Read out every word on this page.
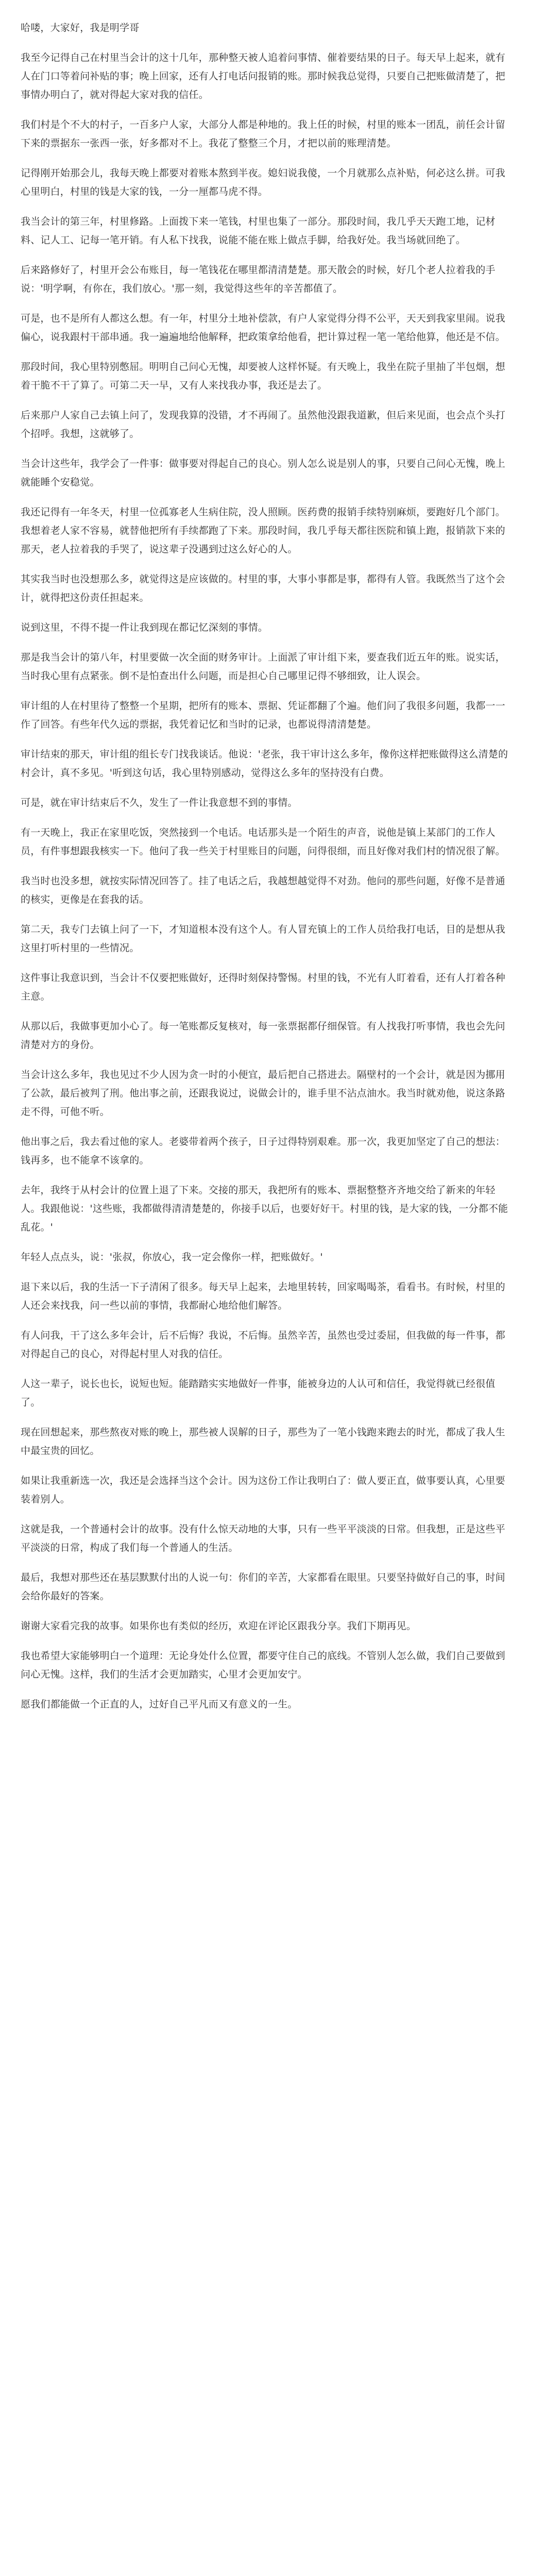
哈喽，大家好，我是明学哥

我至今记得自己在村里当会计的这十几年，那种整天被人追着问事情、催着要结果的日子。每天早上起来，就有人在门口等着问补贴的事；晚上回家，还有人打电话问报销的账。那时候我总觉得，只要自己把账做清楚了，把事情办明白了，就对得起大家对我的信任。

我们村是个不大的村子，一百多户人家，大部分人都是种地的。我上任的时候，村里的账本一团乱，前任会计留下来的票据东一张西一张，好多都对不上。我花了整整三个月，才把以前的账理清楚。

记得刚开始那会儿，我每天晚上都要对着账本熬到半夜。媳妇说我傻，一个月就那么点补贴，何必这么拼。可我心里明白，村里的钱是大家的钱，一分一厘都马虎不得。

我当会计的第三年，村里修路。上面拨下来一笔钱，村里也集了一部分。那段时间，我几乎天天跑工地，记材料、记人工、记每一笔开销。有人私下找我，说能不能在账上做点手脚，给我好处。我当场就回绝了。

后来路修好了，村里开会公布账目，每一笔钱花在哪里都清清楚楚。那天散会的时候，好几个老人拉着我的手说：'明学啊，有你在，我们放心。'那一刻，我觉得这些年的辛苦都值了。

可是，也不是所有人都这么想。有一年，村里分土地补偿款，有户人家觉得分得不公平，天天到我家里闹。说我偏心，说我跟村干部串通。我一遍遍地给他解释，把政策拿给他看，把计算过程一笔一笔给他算，他还是不信。

那段时间，我心里特别憋屈。明明自己问心无愧，却要被人这样怀疑。有天晚上，我坐在院子里抽了半包烟，想着干脆不干了算了。可第二天一早，又有人来找我办事，我还是去了。

后来那户人家自己去镇上问了，发现我算的没错，才不再闹了。虽然他没跟我道歉，但后来见面，也会点个头打个招呼。我想，这就够了。

当会计这些年，我学会了一件事：做事要对得起自己的良心。别人怎么说是别人的事，只要自己问心无愧，晚上就能睡个安稳觉。

我还记得有一年冬天，村里一位孤寡老人生病住院，没人照顾。医药费的报销手续特别麻烦，要跑好几个部门。我想着老人家不容易，就替他把所有手续都跑了下来。那段时间，我几乎每天都往医院和镇上跑，报销款下来的那天，老人拉着我的手哭了，说这辈子没遇到过这么好心的人。

其实我当时也没想那么多，就觉得这是应该做的。村里的事，大事小事都是事，都得有人管。我既然当了这个会计，就得把这份责任担起来。

说到这里，不得不提一件让我到现在都记忆深刻的事情。

那是我当会计的第八年，村里要做一次全面的财务审计。上面派了审计组下来，要查我们近五年的账。说实话，当时我心里有点紧张。倒不是怕查出什么问题，而是担心自己哪里记得不够细致，让人误会。

审计组的人在村里待了整整一个星期，把所有的账本、票据、凭证都翻了个遍。他们问了我很多问题，我都一一作了回答。有些年代久远的票据，我凭着记忆和当时的记录，也都说得清清楚楚。

审计结束的那天，审计组的组长专门找我谈话。他说：'老张，我干审计这么多年，像你这样把账做得这么清楚的村会计，真不多见。'听到这句话，我心里特别感动，觉得这么多年的坚持没有白费。

可是，就在审计结束后不久，发生了一件让我意想不到的事情。

有一天晚上，我正在家里吃饭，突然接到一个电话。电话那头是一个陌生的声音，说他是镇上某部门的工作人员，有件事想跟我核实一下。他问了我一些关于村里账目的问题，问得很细，而且好像对我们村的情况很了解。

我当时也没多想，就按实际情况回答了。挂了电话之后，我越想越觉得不对劲。他问的那些问题，好像不是普通的核实，更像是在套我的话。

第二天，我专门去镇上问了一下，才知道根本没有这个人。有人冒充镇上的工作人员给我打电话，目的是想从我这里打听村里的一些情况。

这件事让我意识到，当会计不仅要把账做好，还得时刻保持警惕。村里的钱，不光有人盯着看，还有人打着各种主意。

从那以后，我做事更加小心了。每一笔账都反复核对，每一张票据都仔细保管。有人找我打听事情，我也会先问清楚对方的身份。

当会计这么多年，我也见过不少人因为贪一时的小便宜，最后把自己搭进去。隔壁村的一个会计，就是因为挪用了公款，最后被判了刑。他出事之前，还跟我说过，说做会计的，谁手里不沾点油水。我当时就劝他，说这条路走不得，可他不听。

他出事之后，我去看过他的家人。老婆带着两个孩子，日子过得特别艰难。那一次，我更加坚定了自己的想法：钱再多，也不能拿不该拿的。

去年，我终于从村会计的位置上退了下来。交接的那天，我把所有的账本、票据整整齐齐地交给了新来的年轻人。我跟他说：'这些账，我都做得清清楚楚的，你接手以后，也要好好干。村里的钱，是大家的钱，一分都不能乱花。'

年轻人点点头，说：'张叔，你放心，我一定会像你一样，把账做好。'

退下来以后，我的生活一下子清闲了很多。每天早上起来，去地里转转，回家喝喝茶，看看书。有时候，村里的人还会来找我，问一些以前的事情，我都耐心地给他们解答。

有人问我，干了这么多年会计，后不后悔？我说，不后悔。虽然辛苦，虽然也受过委屈，但我做的每一件事，都对得起自己的良心，对得起村里人对我的信任。

人这一辈子，说长也长，说短也短。能踏踏实实地做好一件事，能被身边的人认可和信任，我觉得就已经很值了。

现在回想起来，那些熬夜对账的晚上，那些被人误解的日子，那些为了一笔小钱跑来跑去的时光，都成了我人生中最宝贵的回忆。

如果让我重新选一次，我还是会选择当这个会计。因为这份工作让我明白了：做人要正直，做事要认真，心里要装着别人。

这就是我，一个普通村会计的故事。没有什么惊天动地的大事，只有一些平平淡淡的日常。但我想，正是这些平平淡淡的日常，构成了我们每一个普通人的生活。

最后，我想对那些还在基层默默付出的人说一句：你们的辛苦，大家都看在眼里。只要坚持做好自己的事，时间会给你最好的答案。

谢谢大家看完我的故事。如果你也有类似的经历，欢迎在评论区跟我分享。我们下期再见。

我也希望大家能够明白一个道理：无论身处什么位置，都要守住自己的底线。不管别人怎么做，我们自己要做到问心无愧。这样，我们的生活才会更加踏实，心里才会更加安宁。

愿我们都能做一个正直的人，过好自己平凡而又有意义的一生。
